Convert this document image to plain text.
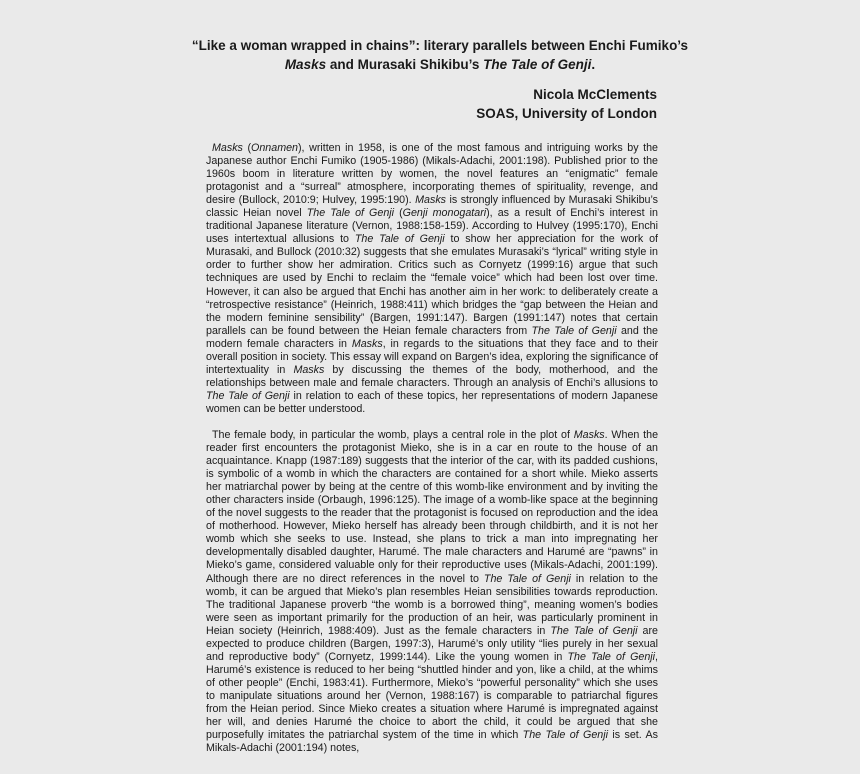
“Like a woman wrapped in chains”: literary parallels between Enchi Fumiko’s
Masks and Murasaki Shikibu’s The Tale of Genji.
Nicola McClements
SOAS, University of London

Masks (Onnamen), written in 1958, is one of the most famous and intriguing works by the Japanese author Enchi Fumiko (1905-1986) (Mikals-Adachi, 2001:198). Published prior to the 1960s boom in literature written by women, the novel features an “enigmatic” female protagonist and a “surreal” atmosphere, incorporating themes of spirituality, revenge, and desire (Bullock, 2010:9; Hulvey, 1995:190). Masks is strongly influenced by Murasaki Shikibu’s classic Heian novel The Tale of Genji (Genji monogatari), as a result of Enchi’s interest in traditional Japanese literature (Vernon, 1988:158-159). According to Hulvey (1995:170), Enchi uses intertextual allusions to The Tale of Genji to show her appreciation for the work of Murasaki, and Bullock (2010:32) suggests that she emulates Murasaki’s “lyrical” writing style in order to further show her admiration. Critics such as Cornyetz (1999:16) argue that such techniques are used by Enchi to reclaim the “female voice” which had been lost over time. However, it can also be argued that Enchi has another aim in her work: to deliberately create a “retrospective resistance” (Heinrich, 1988:411) which bridges the “gap between the Heian and the modern feminine sensibility” (Bargen, 1991:147). Bargen (1991:147) notes that certain parallels can be found between the Heian female characters from The Tale of Genji and the modern female characters in Masks, in regards to the situations that they face and to their overall position in society. This essay will expand on Bargen’s idea, exploring the significance of intertextuality in Masks by discussing the themes of the body, motherhood, and the relationships between male and female characters. Through an analysis of Enchi’s allusions to The Tale of Genji in relation to each of these topics, her representations of modern Japanese women can be better understood.

The female body, in particular the womb, plays a central role in the plot of Masks. When the reader first encounters the protagonist Mieko, she is in a car en route to the house of an acquaintance. Knapp (1987:189) suggests that the interior of the car, with its padded cushions, is symbolic of a womb in which the characters are contained for a short while. Mieko asserts her matriarchal power by being at the centre of this womb-like environment and by inviting the other characters inside (Orbaugh, 1996:125). The image of a womb-like space at the beginning of the novel suggests to the reader that the protagonist is focused on reproduction and the idea of motherhood. However, Mieko herself has already been through childbirth, and it is not her womb which she seeks to use. Instead, she plans to trick a man into impregnating her developmentally disabled daughter, Harumé. The male characters and Harumé are “pawns” in Mieko’s game, considered valuable only for their reproductive uses (Mikals-Adachi, 2001:199). Although there are no direct references in the novel to The Tale of Genji in relation to the womb, it can be argued that Mieko’s plan resembles Heian sensibilities towards reproduction. The traditional Japanese proverb “the womb is a borrowed thing”, meaning women’s bodies were seen as important primarily for the production of an heir, was particularly prominent in Heian society (Heinrich, 1988:409). Just as the female characters in The Tale of Genji are expected to produce children (Bargen, 1997:3), Harumé’s only utility “lies purely in her sexual and reproductive body” (Cornyetz, 1999:144). Like the young women in The Tale of Genji, Harumé’s existence is reduced to her being “shuttled hinder and yon, like a child, at the whims of other people” (Enchi, 1983:41). Furthermore, Mieko’s “powerful personality” which she uses to manipulate situations around her (Vernon, 1988:167) is comparable to patriarchal figures from the Heian period. Since Mieko creates a situation where Harumé is impregnated against her will, and denies Harumé the choice to abort the child, it could be argued that she purposefully imitates the patriarchal system of the time in which The Tale of Genji is set. As Mikals-Adachi (2001:194) notes,
